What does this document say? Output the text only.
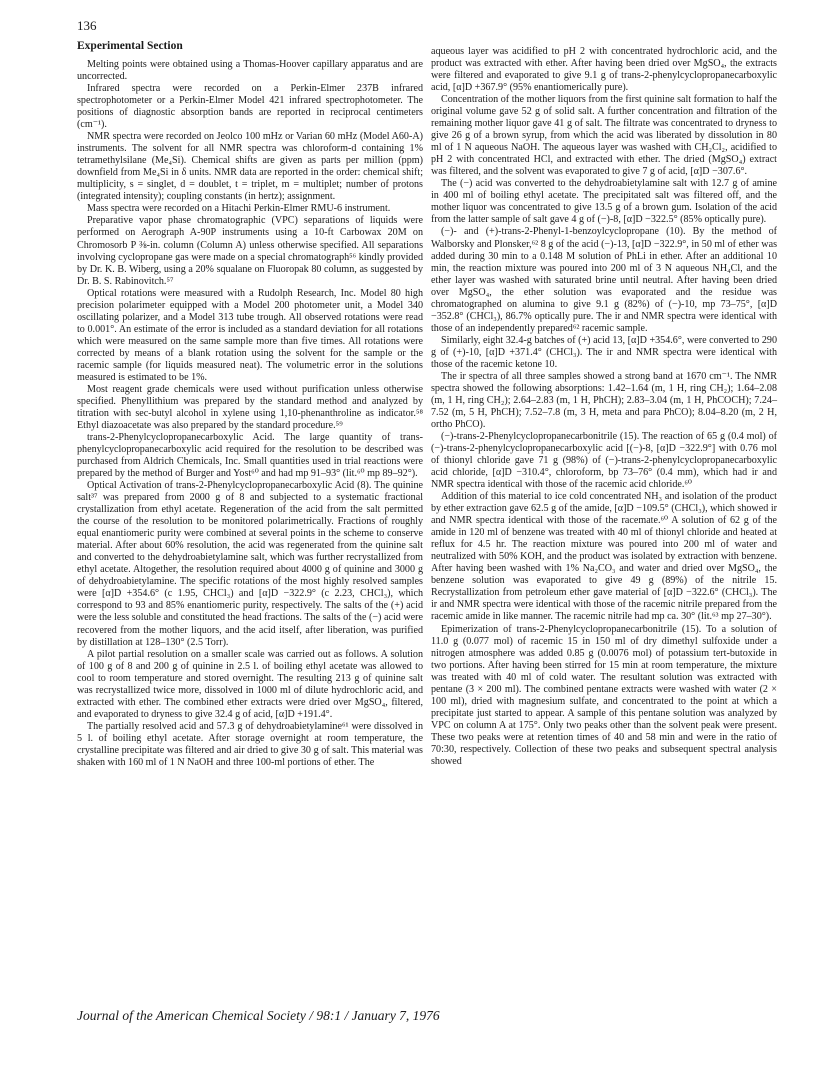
136
Experimental Section

Melting points were obtained using a Thomas-Hoover capillary apparatus and are uncorrected.

Infrared spectra were recorded on a Perkin-Elmer 237B infrared spectrophotometer or a Perkin-Elmer Model 421 infrared spectrophotometer. The positions of diagnostic absorption bands are reported in reciprocal centimeters (cm⁻¹).

NMR spectra were recorded on Jeolco 100 mHz or Varian 60 mHz (Model A60-A) instruments. The solvent for all NMR spectra was chloroform-d containing 1% tetramethylsilane (Me₄Si). Chemical shifts are given as parts per million (ppm) downfield from Me₄Si in δ units. NMR data are reported in the order: chemical shift; multiplicity, s = singlet, d = doublet, t = triplet, m = multiplet; number of protons (integrated intensity); coupling constants (in hertz); assignment.

Mass spectra were recorded on a Hitachi Perkin-Elmer RMU-6 instrument.

Preparative vapor phase chromatographic (VPC) separations of liquids were performed on Aerograph A-90P instruments using a 10-ft Carbowax 20M on Chromosorb P ⅜-in. column (Column A) unless otherwise specified. All separations involving cyclopropane gas were made on a special chromatograph⁵⁶ kindly provided by Dr. K. B. Wiberg, using a 20% squalane on Fluoropak 80 column, as suggested by Dr. B. S. Rabinovitch.⁵⁷

Optical rotations were measured with a Rudolph Research, Inc. Model 80 high precision polarimeter equipped with a Model 200 photometer unit, a Model 340 oscillating polarizer, and a Model 313 tube trough. All observed rotations were read to 0.001°. An estimate of the error is included as a standard deviation for all rotations which were measured on the same sample more than five times. All rotations were corrected by means of a blank rotation using the solvent for the sample or the racemic sample (for liquids measured neat). The volumetric error in the solutions measured is estimated to be 1%.

Most reagent grade chemicals were used without purification unless otherwise specified. Phenyllithium was prepared by the standard method and analyzed by titration with sec-butyl alcohol in xylene using 1,10-phenanthroline as indicator.⁵⁸ Ethyl diazoacetate was also prepared by the standard procedure.⁵⁹

trans-2-Phenylcyclopropanecarboxylic Acid. The large quantity of trans-phenylcyclopropanecarboxylic acid required for the resolution to be described was purchased from Aldrich Chemicals, Inc. Small quantities used in trial reactions were prepared by the method of Burger and Yost⁶⁰ and had mp 91–93° (lit.⁶⁰ mp 89–92°).

Optical Activation of trans-2-Phenylcyclopropanecarboxylic Acid (8). The quinine salt³⁷ was prepared from 2000 g of 8 and subjected to a systematic fractional crystallization from ethyl acetate. Regeneration of the acid from the salt permitted the course of the resolution to be monitored polarimetrically. Fractions of roughly equal enantiomeric purity were combined at several points in the scheme to conserve material. After about 60% resolution, the acid was regenerated from the quinine salt and converted to the dehydroabietylamine salt, which was further recrystallized from ethyl acetate. Altogether, the resolution required about 4000 g of quinine and 3000 g of dehydroabietylamine. The specific rotations of the most highly resolved samples were [α]D +354.6° (c 1.95, CHCl₃) and [α]D −322.9° (c 2.23, CHCl₃), which correspond to 93 and 85% enantiomeric purity, respectively. The salts of the (+) acid were the less soluble and constituted the head fractions. The salts of the (−) acid were recovered from the mother liquors, and the acid itself, after liberation, was purified by distillation at 128–130° (2.5 Torr).

A pilot partial resolution on a smaller scale was carried out as follows. A solution of 100 g of 8 and 200 g of quinine in 2.5 l. of boiling ethyl acetate was allowed to cool to room temperature and stored overnight. The resulting 213 g of quinine salt was recrystallized twice more, dissolved in 1000 ml of dilute hydrochloric acid, and extracted with ether. The combined ether extracts were dried over MgSO₄, filtered, and evaporated to dryness to give 32.4 g of acid, [α]D +191.4°.

The partially resolved acid and 57.3 g of dehydroabietylamine⁶¹ were dissolved in 5 l. of boiling ethyl acetate. After storage overnight at room temperature, the crystalline precipitate was filtered and air dried to give 30 g of salt. This material was shaken with 160 ml of 1 N NaOH and three 100-ml portions of ether. The

aqueous layer was acidified to pH 2 with concentrated hydrochloric acid, and the product was extracted with ether. After having been dried over MgSO₄, the extracts were filtered and evaporated to give 9.1 g of trans-2-phenylcyclopropanecarboxylic acid, [α]D +367.9° (95% enantiomerically pure).

Concentration of the mother liquors from the first quinine salt formation to half the original volume gave 52 g of solid salt. A further concentration and filtration of the remaining mother liquor gave 41 g of salt. The filtrate was concentrated to dryness to give 26 g of a brown syrup, from which the acid was liberated by dissolution in 80 ml of 1 N aqueous NaOH. The aqueous layer was washed with CH₂Cl₂, acidified to pH 2 with concentrated HCl, and extracted with ether. The dried (MgSO₄) extract was filtered, and the solvent was evaporated to give 7 g of acid, [α]D −307.6°.

The (−) acid was converted to the dehydroabietylamine salt with 12.7 g of amine in 400 ml of boiling ethyl acetate. The precipitated salt was filtered off, and the mother liquor was concentrated to give 13.5 g of a brown gum. Isolation of the acid from the latter sample of salt gave 4 g of (−)-8, [α]D −322.5° (85% optically pure).

(−)- and (+)-trans-2-Phenyl-1-benzoylcyclopropane (10). By the method of Walborsky and Plonsker,⁶² 8 g of the acid (−)-13, [α]D −322.9°, in 50 ml of ether was added during 30 min to a 0.148 M solution of PhLi in ether. After an additional 10 min, the reaction mixture was poured into 200 ml of 3 N aqueous NH₄Cl, and the ether layer was washed with saturated brine until neutral. After having been dried over MgSO₄, the ether solution was evaporated and the residue was chromatographed on alumina to give 9.1 g (82%) of (−)-10, mp 73–75°, [α]D −352.8° (CHCl₃), 86.7% optically pure. The ir and NMR spectra were identical with those of an independently prepared⁶² racemic sample.

Similarly, eight 32.4-g batches of (+) acid 13, [α]D +354.6°, were converted to 290 g of (+)-10, [α]D +371.4° (CHCl₃). The ir and NMR spectra were identical with those of the racemic ketone 10.

The ir spectra of all three samples showed a strong band at 1670 cm⁻¹. The NMR spectra showed the following absorptions: 1.42–1.64 (m, 1 H, ring CH₂); 1.64–2.08 (m, 1 H, ring CH₂); 2.64–2.83 (m, 1 H, PhCH); 2.83–3.04 (m, 1 H, PhCOCH); 7.24–7.52 (m, 5 H, PhCH); 7.52–7.8 (m, 3 H, meta and para PhCO); 8.04–8.20 (m, 2 H, ortho PhCO).

(−)-trans-2-Phenylcyclopropanecarbonitrile (15). The reaction of 65 g (0.4 mol) of (−)-trans-2-phenylcyclopropanecarboxylic acid [(−)-8, [α]D −322.9°] with 0.76 mol of thionyl chloride gave 71 g (98%) of (−)-trans-2-phenylcyclopropanecarboxylic acid chloride, [α]D −310.4°, chloroform, bp 73–76° (0.4 mm), which had ir and NMR spectra identical with those of the racemic acid chloride.⁶⁰

Addition of this material to ice cold concentrated NH₃ and isolation of the product by ether extraction gave 62.5 g of the amide, [α]D −109.5° (CHCl₃), which showed ir and NMR spectra identical with those of the racemate.⁶⁰ A solution of 62 g of the amide in 120 ml of benzene was treated with 40 ml of thionyl chloride and heated at reflux for 4.5 hr. The reaction mixture was poured into 200 ml of water and neutralized with 50% KOH, and the product was isolated by extraction with benzene. After having been washed with 1% Na₂CO₃ and water and dried over MgSO₄, the benzene solution was evaporated to give 49 g (89%) of the nitrile 15. Recrystallization from petroleum ether gave material of [α]D −322.6° (CHCl₃). The ir and NMR spectra were identical with those of the racemic nitrile prepared from the racemic amide in like manner. The racemic nitrile had mp ca. 30° (lit.⁶³ mp 27–30°).

Epimerization of trans-2-Phenylcyclopropanecarbonitrile (15). To a solution of 11.0 g (0.077 mol) of racemic 15 in 150 ml of dry dimethyl sulfoxide under a nitrogen atmosphere was added 0.85 g (0.0076 mol) of potassium tert-butoxide in two portions. After having been stirred for 15 min at room temperature, the mixture was treated with 40 ml of cold water. The resultant solution was extracted with pentane (3 × 200 ml). The combined pentane extracts were washed with water (2 × 100 ml), dried with magnesium sulfate, and concentrated to the point at which a precipitate just started to appear. A sample of this pentane solution was analyzed by VPC on column A at 175°. Only two peaks other than the solvent peak were present. These two peaks were at retention times of 40 and 58 min and were in the ratio of 70:30, respectively. Collection of these two peaks and subsequent spectral analysis showed

Journal of the American Chemical Society / 98:1 / January 7, 1976
